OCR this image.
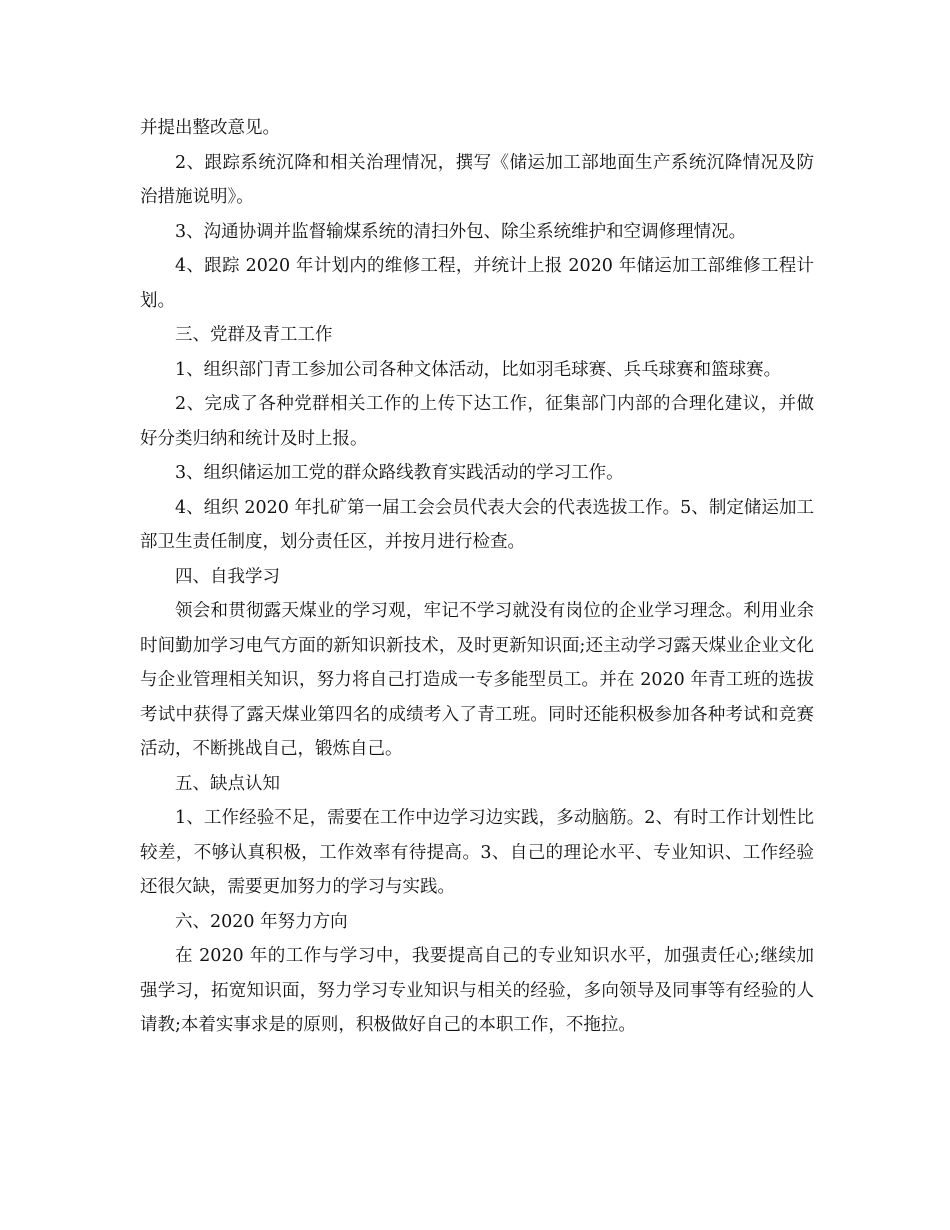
并提出整改意见。

2、跟踪系统沉降和相关治理情况，撰写《储运加工部地面生产系统沉降情况及防治措施说明》。

3、沟通协调并监督输煤系统的清扫外包、除尘系统维护和空调修理情况。

4、跟踪 2020 年计划内的维修工程，并统计上报 2020 年储运加工部维修工程计划。

三、党群及青工工作

1、组织部门青工参加公司各种文体活动，比如羽毛球赛、兵乓球赛和篮球赛。

2、完成了各种党群相关工作的上传下达工作，征集部门内部的合理化建议，并做好分类归纳和统计及时上报。

3、组织储运加工党的群众路线教育实践活动的学习工作。

4、组织 2020 年扎矿第一届工会会员代表大会的代表选拔工作。5、制定储运加工部卫生责任制度，划分责任区，并按月进行检查。

四、自我学习

领会和贯彻露天煤业的学习观，牢记不学习就没有岗位的企业学习理念。利用业余时间勤加学习电气方面的新知识新技术，及时更新知识面;还主动学习露天煤业企业文化与企业管理相关知识，努力将自己打造成一专多能型员工。并在 2020 年青工班的选拔考试中获得了露天煤业第四名的成绩考入了青工班。同时还能积极参加各种考试和竞赛活动，不断挑战自己，锻炼自己。

五、缺点认知

1、工作经验不足，需要在工作中边学习边实践，多动脑筋。2、有时工作计划性比较差，不够认真积极，工作效率有待提高。3、自己的理论水平、专业知识、工作经验还很欠缺，需要更加努力的学习与实践。

六、2020 年努力方向

在 2020 年的工作与学习中，我要提高自己的专业知识水平，加强责任心;继续加强学习，拓宽知识面，努力学习专业知识与相关的经验，多向领导及同事等有经验的人请教;本着实事求是的原则，积极做好自己的本职工作，不拖拉。
